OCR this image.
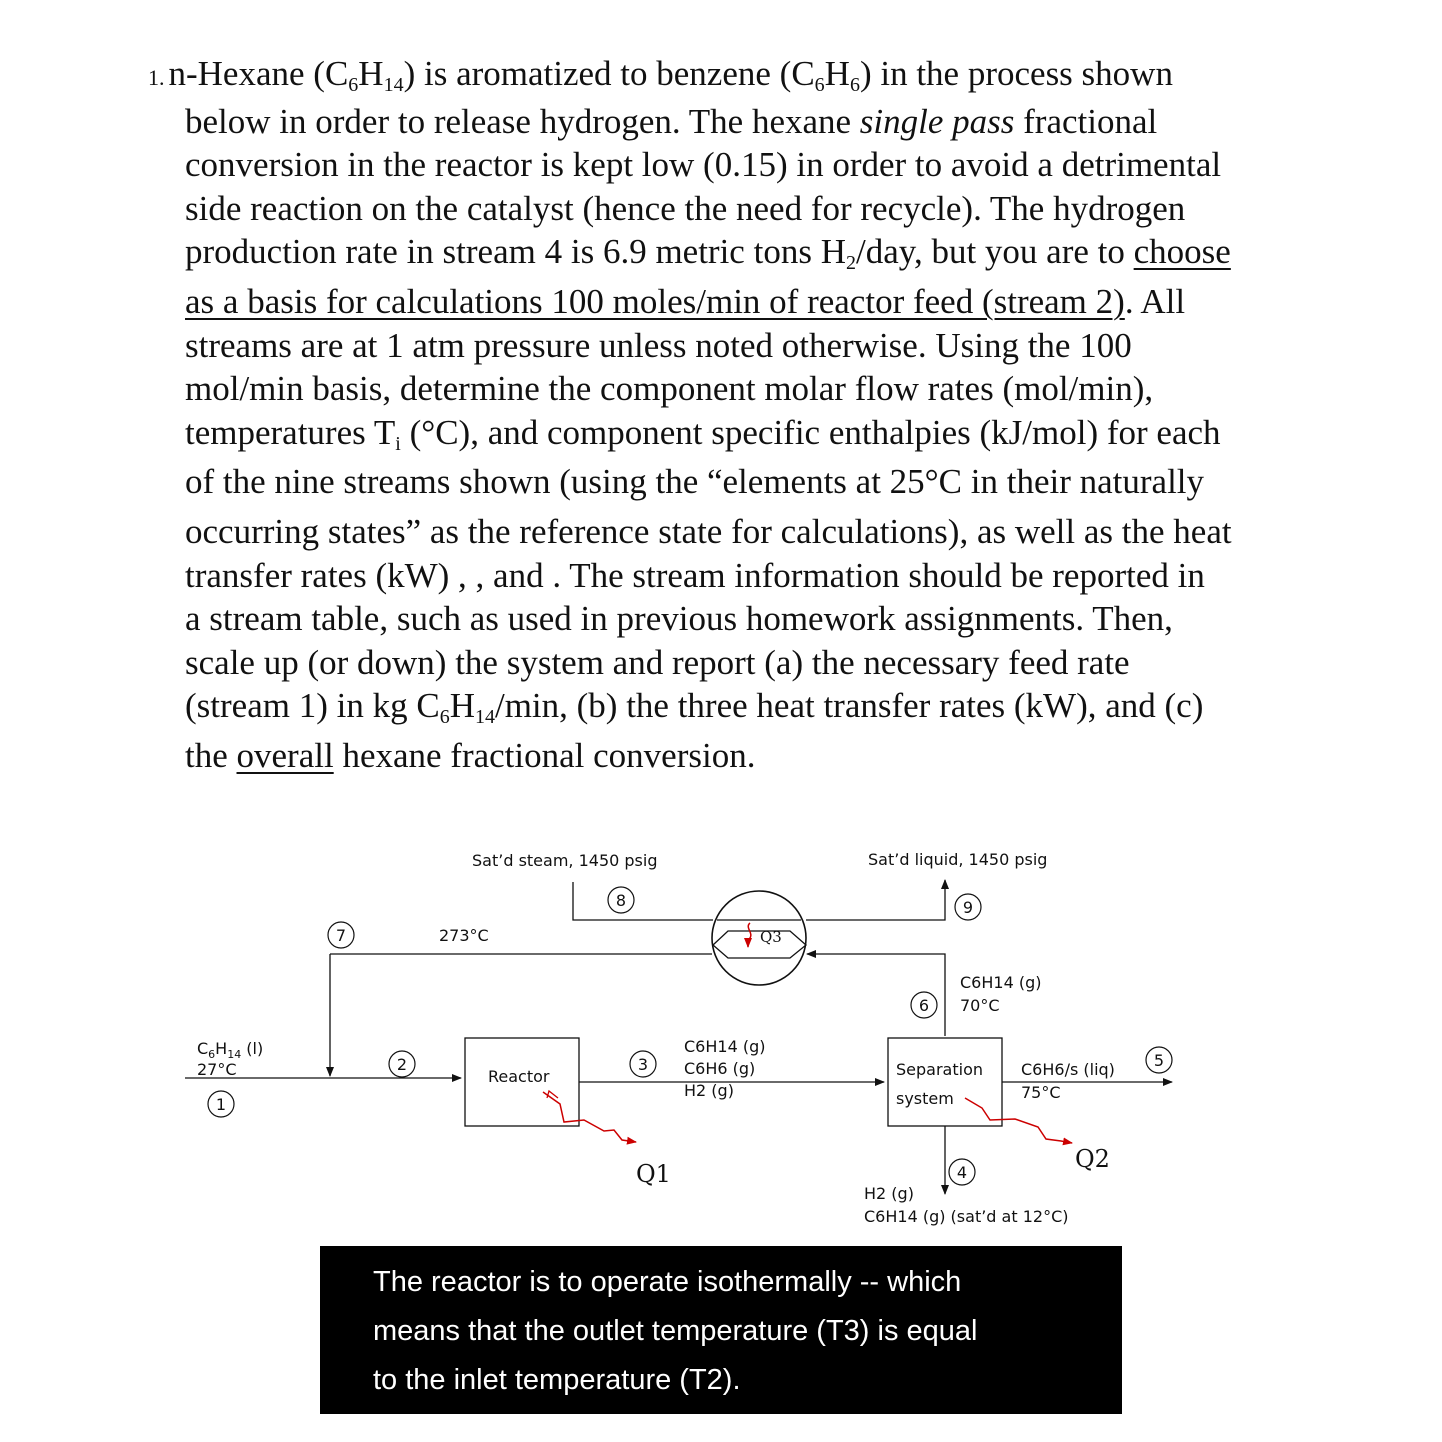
1. n-Hexane $(C_6H_{14})$ is aromatized to benzene $(C_6H_6)$ in the process shown
below in order to release hydrogen. The hexane single pass fractional
conversion in the reactor is kept low (0.15) in order to avoid a detrimental
side reaction on the catalyst (hence the need for recycle). The hydrogen
production rate in stream 4 is 6.9 metric tons $H_2$/day, but you are to choose
as a basis for calculations 100 moles/min of reactor feed (stream 2). All
streams are at 1 atm pressure unless noted otherwise. Using the 100
mol/min basis, determine the component molar flow rates (mol/min),
temperatures $T_i$ (°C), and component specific enthalpies (kJ/mol) for each
of the nine streams shown (using the “elements at 25°C in their naturally
occurring states” as the reference state for calculations), as well as the heat
transfer rates (kW) , , and . The stream information should be reported in
a stream table, such as used in previous homework assignments. Then,
scale up (or down) the system and report (a) the necessary feed rate
(stream 1) in kg $C_6H_{14}/\min$, (b) the three heat transfer rates (kW), and (c)
the overall hexane fractional conversion.
Sat’d steam, 1450 psig	Sat’d liquid, 1450 psig
273°C
$C_6H_{14}$ (l)
27°C	Reactor
C6H14 (g)
C6H6 (g)
H2 (g)
Separation
system
C6H14 (g)
70°C
C6H6/s (liq)
75°C
H2 (g)
C6H14 (g) (sat’d at 12°C)
Q1
Q2
Q3
1
2	3
4
5
6
7
8	9
The reactor is to operate isothermally -- which
means that the outlet temperature (T3) is equal
to the inlet temperature (T2).
